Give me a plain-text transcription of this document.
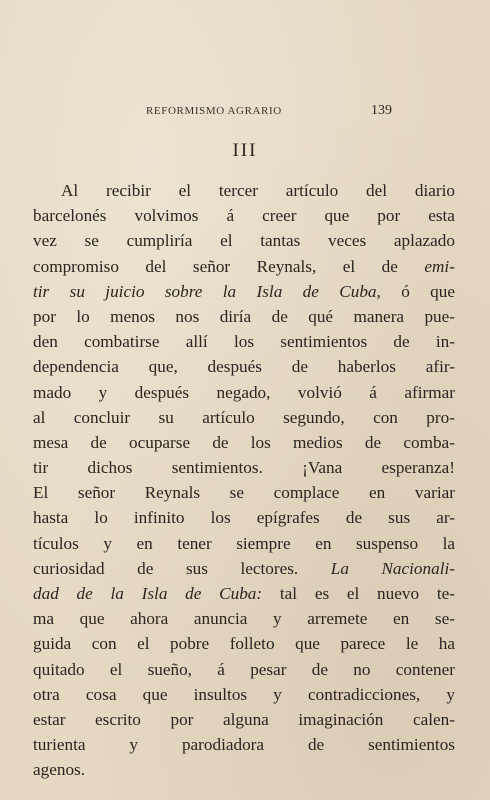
REFORMISMO AGRARIO	139
III
Al recibir el tercer artículo del diario
barcelonés volvimos á creer que por esta
vez se cumpliría el tantas veces aplazado
compromiso del señor Reynals, el de emi-
tir su juicio sobre la Isla de Cuba, ó que
por lo menos nos diría de qué manera pue-
den combatirse allí los sentimientos de in-
dependencia que, después de haberlos afir-
mado y después negado, volvió á afirmar
al concluir su artículo segundo, con pro-
mesa de ocuparse de los medios de comba-
tir dichos sentimientos. ¡Vana esperanza!
El señor Reynals se complace en variar
hasta lo infinito los epígrafes de sus ar-
tículos y en tener siempre en suspenso la
curiosidad de sus lectores. La Nacionali-
dad de la Isla de Cuba: tal es el nuevo te-
ma que ahora anuncia y arremete en se-
guida con el pobre folleto que parece le ha
quitado el sueño, á pesar de no contener
otra cosa que insultos y contradicciones, y
estar escrito por alguna imaginación calen-
turienta	y	parodiadora	de	sentimientos
agenos.
